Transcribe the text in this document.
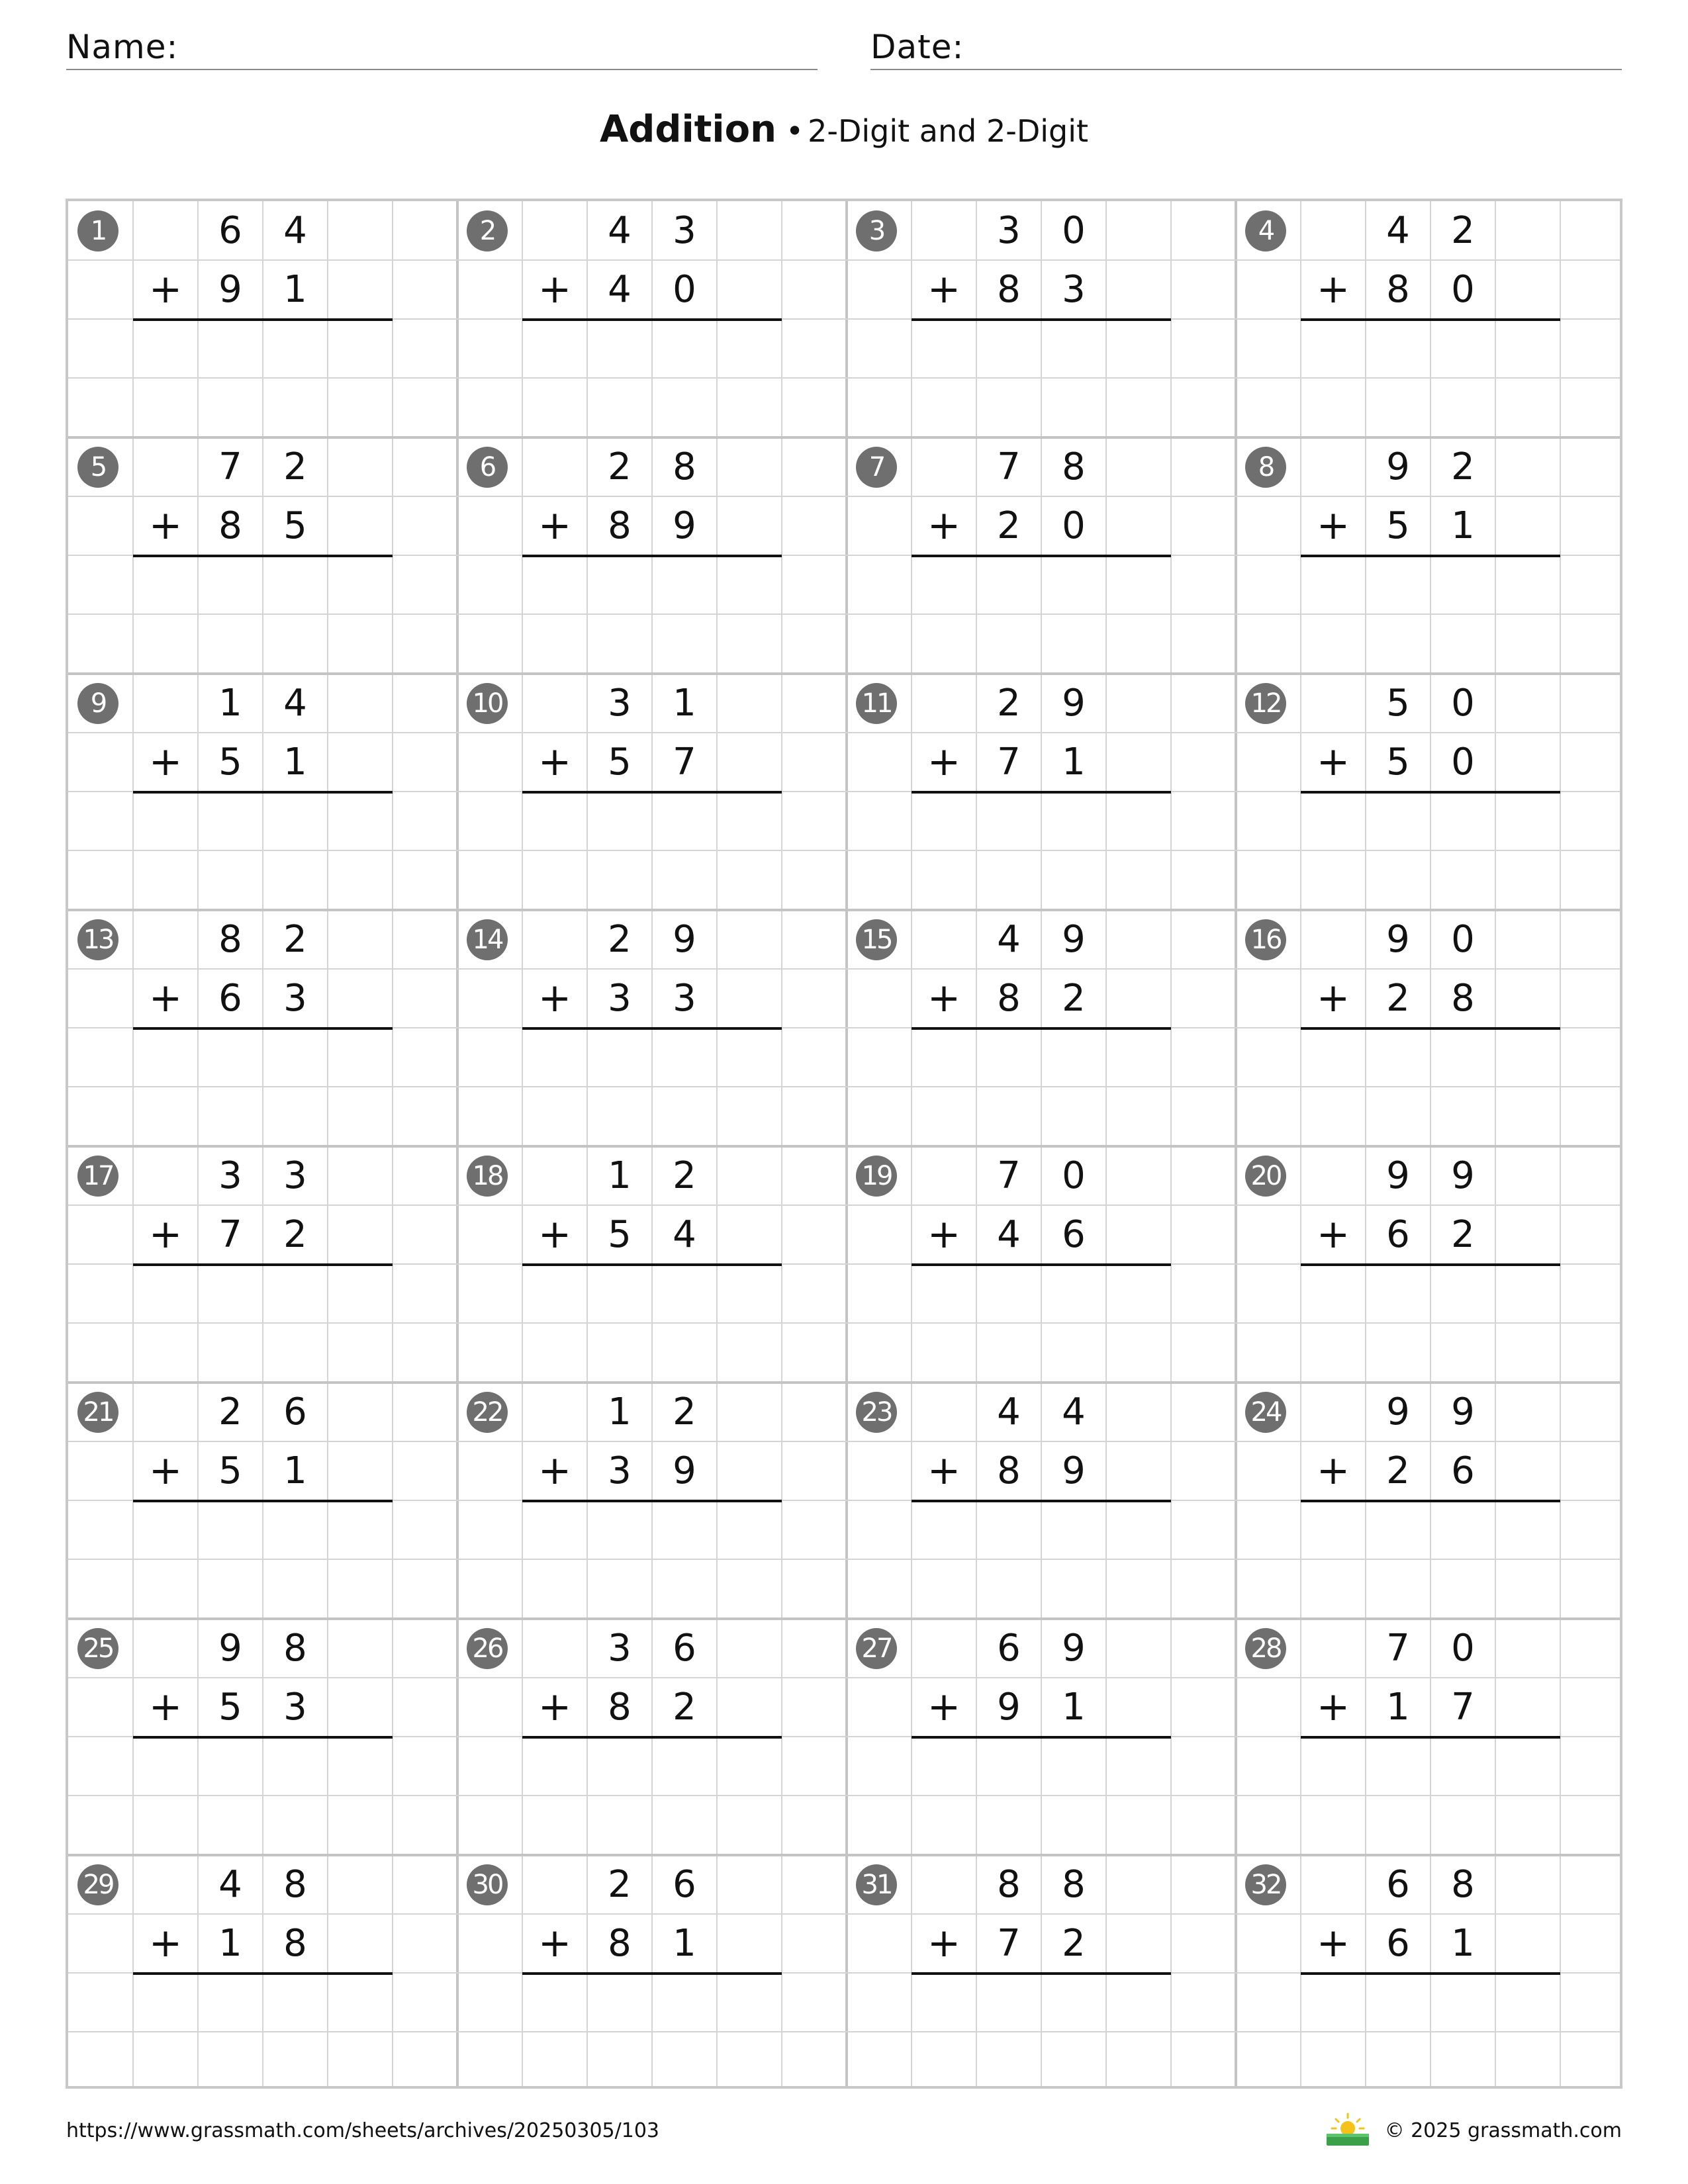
Name:	Date:
Addition • 2-Digit and 2-Digit
1	6	4
+ 9	1
2	4	3
+ 4	0
3	3	0
+ 8	3
4	4	2
+ 8	0
5	7	2
+ 8	5
6	2	8
+ 8	9
7	7	8
+ 2	0
8	9	2
+ 5	1
9	1	4
+ 5	1
10	3	1
+ 5	7
11	2	9
+ 7	1
12	5	0
+ 5	0
13	8	2
+ 6	3
14	2	9
+ 3	3
15	4	9
+ 8	2
16	9	0
+ 2	8
17	3	3
+ 7	2
18	1	2
+ 5	4
19	7	0
+ 4	6
20	9	9
+ 6	2
21	2	6
+ 5	1
22	1	2
+ 3	9
23	4	4
+ 8	9
24	9	9
+ 2	6
25	9	8
+ 5	3
26	3	6
+ 8	2
27	6	9
+ 9	1
28	7	0
+ 1	7
29	4	8
+ 1	8
30	2	6
+ 8	1
31	8	8
+ 7	2
32	6	8
+ 6	1
https://www.grassmath.com/sheets/archives/20250305/103	© 2025 grassmath.com
